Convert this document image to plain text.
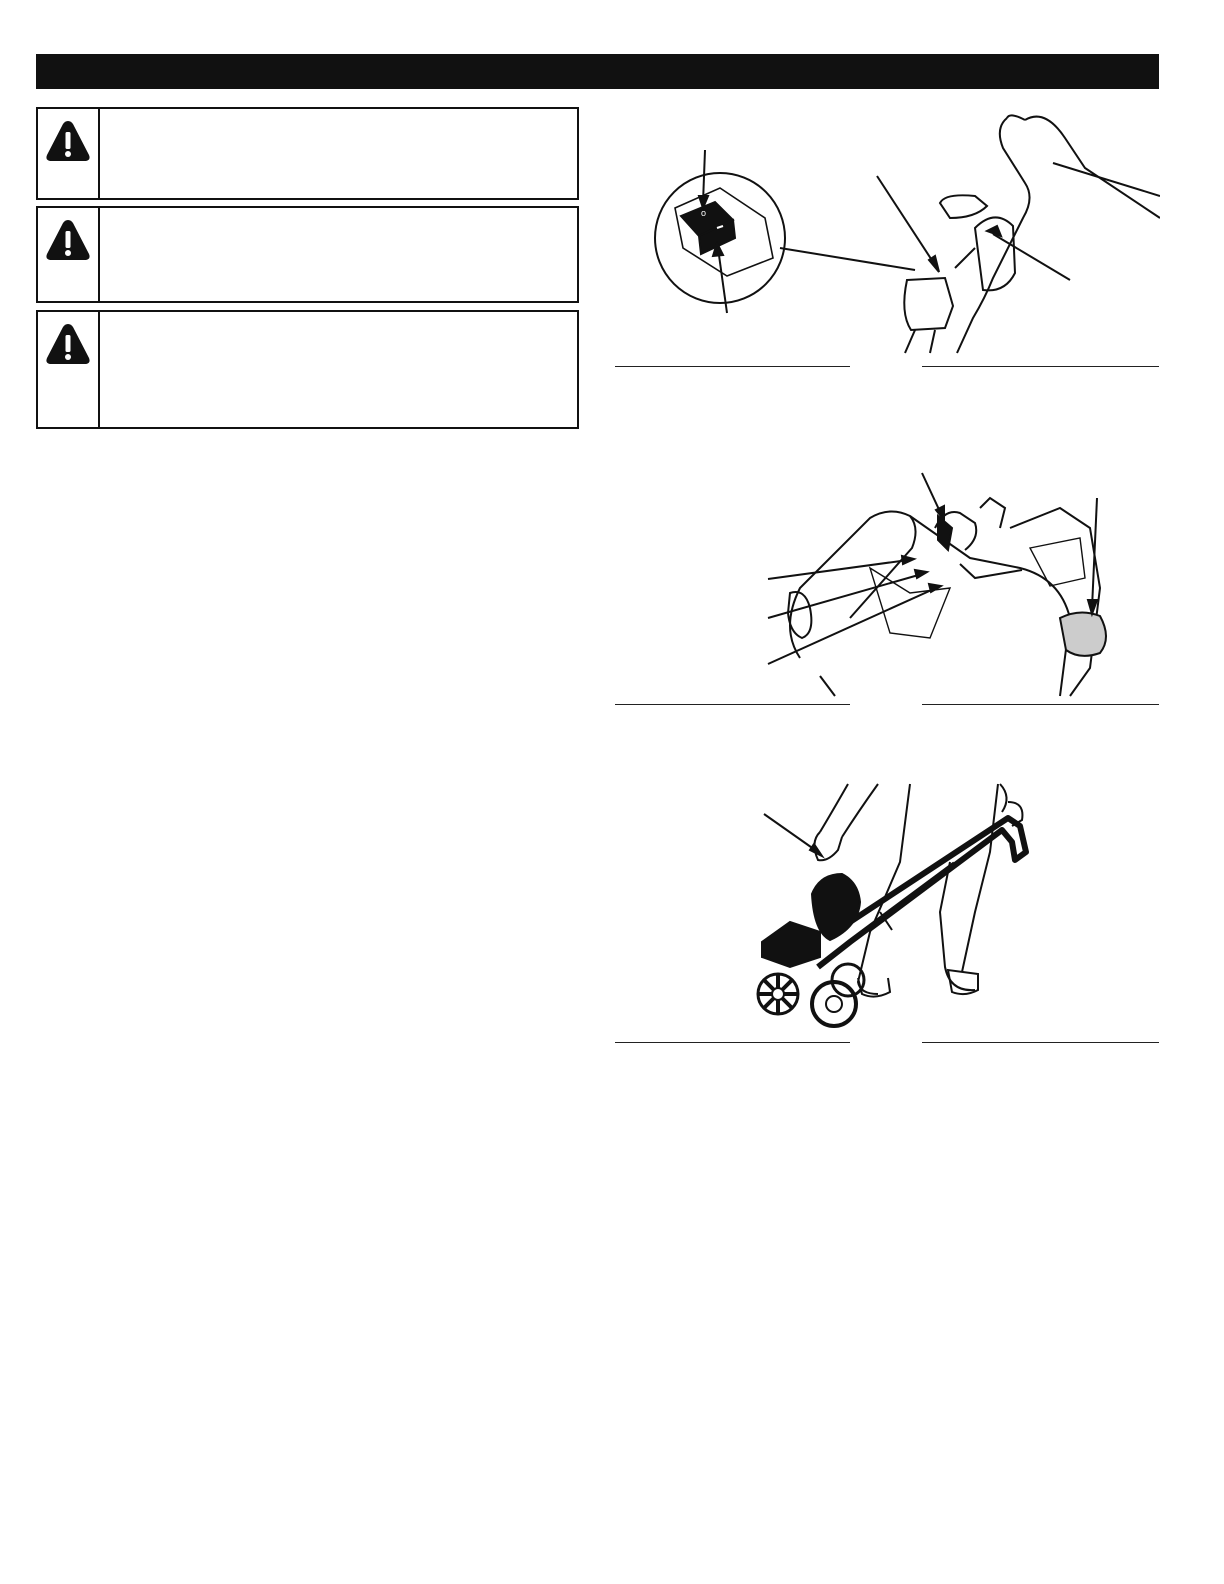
o
